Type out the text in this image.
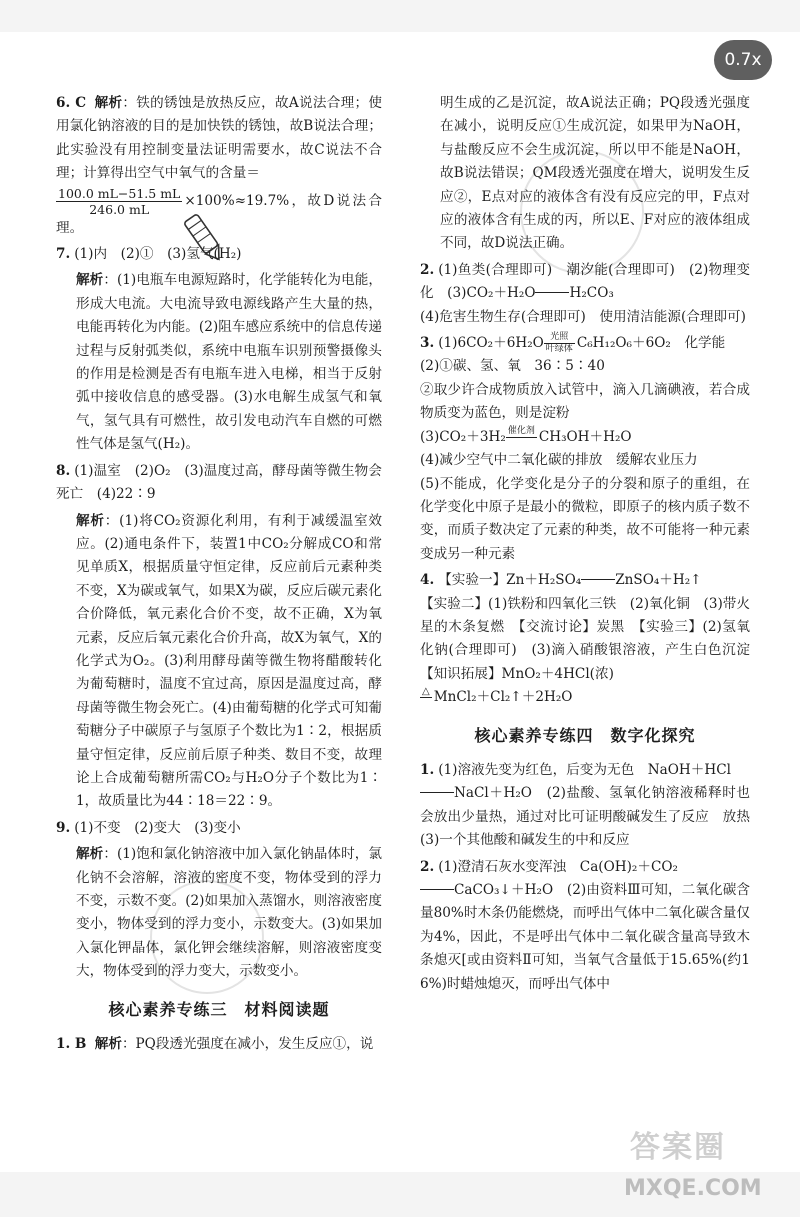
0.7x

6. C 解析：铁的锈蚀是放热反应，故A说法合理；使用氯化钠溶液的目的是加快铁的锈蚀，故B说法合理；此实验没有用控制变量法证明需要水，故C说法不合理；计算得出空气中氧气的含量＝

$\frac{100.0 mL-51.5 mL}{246.0 mL} \times 100\%\approx 19.7\%$，故D说法合理。

7. (1)内　(2)①　(3)氢气(H₂)

解析：(1)电瓶车电源短路时，化学能转化为电能，形成大电流。大电流导致电源线路产生大量的热，电能再转化为内能。(2)阻车感应系统中的信息传递过程与反射弧类似，系统中电瓶车识别预警摄像头的作用是检测是否有电瓶车进入电梯，相当于反射弧中接收信息的感受器。(3)水电解生成氢气和氧气，氢气具有可燃性，故引发电动汽车自燃的可燃性气体是氢气(H₂)。

8. (1)温室　(2)O₂　(3)温度过高，酵母菌等微生物会死亡　(4)22∶9

解析：(1)将CO₂资源化利用，有利于减缓温室效应。(2)通电条件下，装置1中CO₂分解成CO和常见单质X，根据质量守恒定律，反应前后元素种类不变，X为碳或氧气，如果X为碳，反应后碳元素化合价降低，氧元素化合价不变，故不正确，X为氧元素，反应后氧元素化合价升高，故X为氧气，X的化学式为O₂。(3)利用酵母菌等微生物将醋酸转化为葡萄糖时，温度不宜过高，原因是温度过高，酵母菌等微生物会死亡。(4)由葡萄糖的化学式可知葡萄糖分子中碳原子与氢原子个数比为1∶2，根据质量守恒定律，反应前后原子种类、数目不变，故理论上合成葡萄糖所需CO₂与H₂O分子个数比为1∶1，故质量比为44∶18＝22∶9。

9. (1)不变　(2)变大　(3)变小

解析：(1)饱和氯化钠溶液中加入氯化钠晶体时，氯化钠不会溶解，溶液的密度不变，物体受到的浮力不变，示数不变。(2)如果加入蒸馏水，则溶液密度变小，物体受到的浮力变小，示数变大。(3)如果加入氯化钾晶体，氯化钾会继续溶解，则溶液密度变大，物体受到的浮力变大，示数变小。

核心素养专练三　材料阅读题

1. B 解析：PQ段透光强度在减小，发生反应①，说

明生成的乙是沉淀，故A说法正确；PQ段透光强度在减小，说明反应①生成沉淀，如果甲为NaOH，与盐酸反应不会生成沉淀，所以甲不能是NaOH，故B说法错误；QM段透光强度在增大，说明发生反应②，E点对应的液体含有没有反应完的甲，F点对应的液体含有生成的丙，所以E、F对应的液体组成不同，故D说法正确。

2. (1)鱼类(合理即可)　潮汐能(合理即可)　(2)物理变化　(3)CO₂＋H₂O	H₂CO₃
(4)危害生物生存(合理即可)　使用清洁能源(合理即可)

3. $(1)6CO_2+6H_2O \frac{\text{光照}}{\text{叶绿体}} C_6H_{12}O_6+6O_2$　化学能
(2)①碳、氢、氧　36∶5∶40
②取少许合成物质放入试管中，滴入几滴碘液，若合成物质变为蓝色，则是淀粉
(3)CO₂＋3H₂ 催化剂
CH₃OH＋H₂O
(4)减少空气中二氧化碳的排放　缓解农业压力
(5)不能成，化学变化是分子的分裂和原子的重组，在化学变化中原子是最小的微粒，即原子的核内质子数不变，而质子数决定了元素的种类，故不可能将一种元素变成另一种元素

4. 【实验一】Zn＋H₂SO₄	ZnSO₄＋H₂↑
【实验二】(1)铁粉和四氧化三铁　(2)氧化铜　(3)带火星的木条复燃　【交流讨论】炭黑　【实验三】(2)氢氧化钠(合理即可)　(3)滴入硝酸银溶液，产生白色沉淀　【知识拓展】MnO₂＋4HCl(浓)

△
MnCl₂＋Cl₂↑＋2H₂O

核心素养专练四　数字化探究

1. (1)溶液先变为红色，后变为无色　NaOH＋HCl
NaCl＋H₂O　(2)盐酸、氢氧化钠溶液稀释时也会放出少量热，通过对比可证明酸碱发生了反应　放热　(3)一个其他酸和碱发生的中和反应

2. (1)澄清石灰水变浑浊　Ca(OH)₂＋CO₂
CaCO₃↓＋H₂O　(2)由资料Ⅲ可知，二氧化碳含量80%时木条仍能燃烧，而呼出气体中二氧化碳含量仅为4%，因此，不是呼出气体中二氧化碳含量高导致木条熄灭[或由资料Ⅱ可知，当氧气含量低于15.65%(约16%)时蜡烛熄灭，而呼出气体中

答案圈
MXQE.COM
